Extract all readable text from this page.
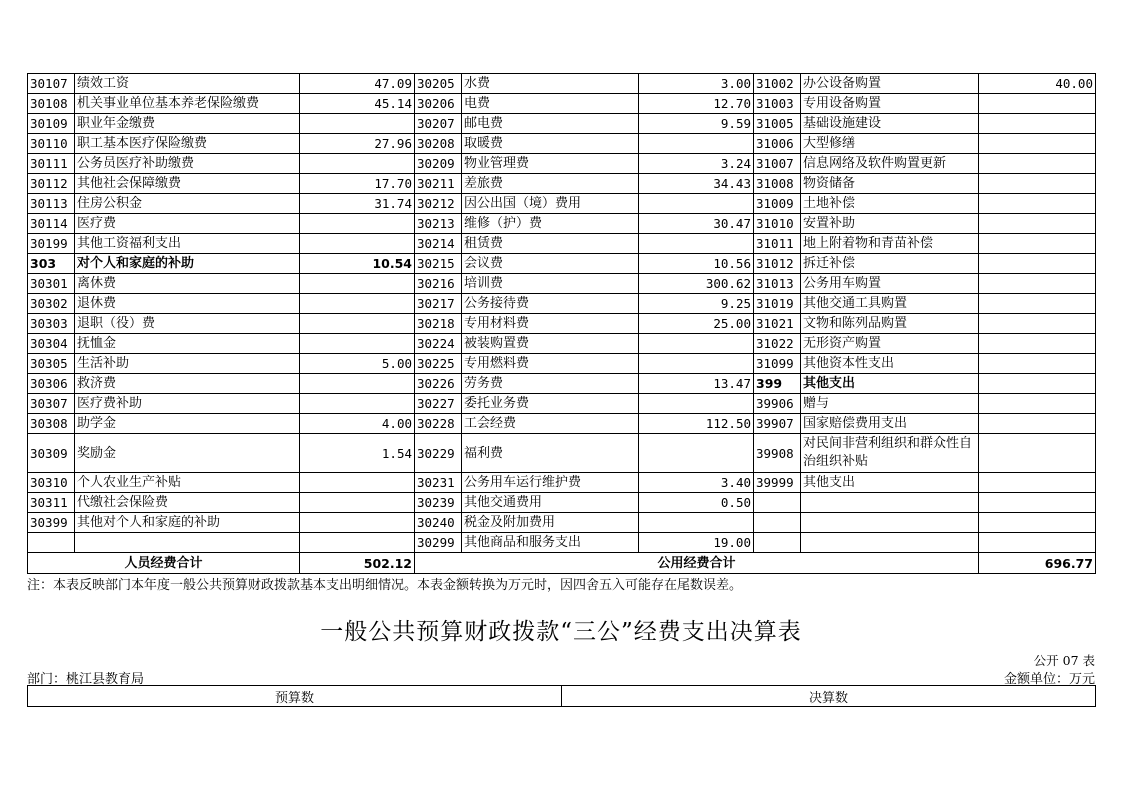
30107	绩效工资	47.09	30205	水费	3.00	31002	办公设备购置	40.00
30108	机关事业单位基本养老保险缴费	45.14	30206	电费	12.70	31003	专用设备购置	
30109	职业年金缴费		30207	邮电费	9.59	31005	基础设施建设	
30110	职工基本医疗保险缴费	27.96	30208	取暖费		31006	大型修缮	
30111	公务员医疗补助缴费		30209	物业管理费	3.24	31007	信息网络及软件购置更新	
30112	其他社会保障缴费	17.70	30211	差旅费	34.43	31008	物资储备	
30113	住房公积金	31.74	30212	因公出国（境）费用		31009	土地补偿	
30114	医疗费		30213	维修（护）费	30.47	31010	安置补助	
30199	其他工资福利支出		30214	租赁费		31011	地上附着物和青苗补偿	
303	对个人和家庭的补助	10.54	30215	会议费	10.56	31012	拆迁补偿	
30301	离休费		30216	培训费	300.62	31013	公务用车购置	
30302	退休费		30217	公务接待费	9.25	31019	其他交通工具购置	
30303	退职（役）费		30218	专用材料费	25.00	31021	文物和陈列品购置	
30304	抚恤金		30224	被装购置费		31022	无形资产购置	
30305	生活补助	5.00	30225	专用燃料费		31099	其他资本性支出	
30306	救济费		30226	劳务费	13.47	399	其他支出	
30307	医疗费补助		30227	委托业务费		39906	赠与	
30308	助学金	4.00	30228	工会经费	112.50	39907	国家赔偿费用支出	
30309	奖励金	1.54	30229	福利费		39908	对民间非营利组织和群众性自治组织补贴	
30310	个人农业生产补贴		30231	公务用车运行维护费	3.40	39999	其他支出	
30311	代缴社会保险费		30239	其他交通费用	0.50			
30399	其他对个人和家庭的补助		30240	税金及附加费用				
			30299	其他商品和服务支出	19.00			
人员经费合计		502.12	公用经费合计					696.77
注：本表反映部门本年度一般公共预算财政拨款基本支出明细情况。本表金额转换为万元时，因四舍五入可能存在尾数误差。
一般公共预算财政拨款“三公”经费支出决算表
公开 07 表
部门：桃江县教育局	金额单位：万元
预算数	决算数
